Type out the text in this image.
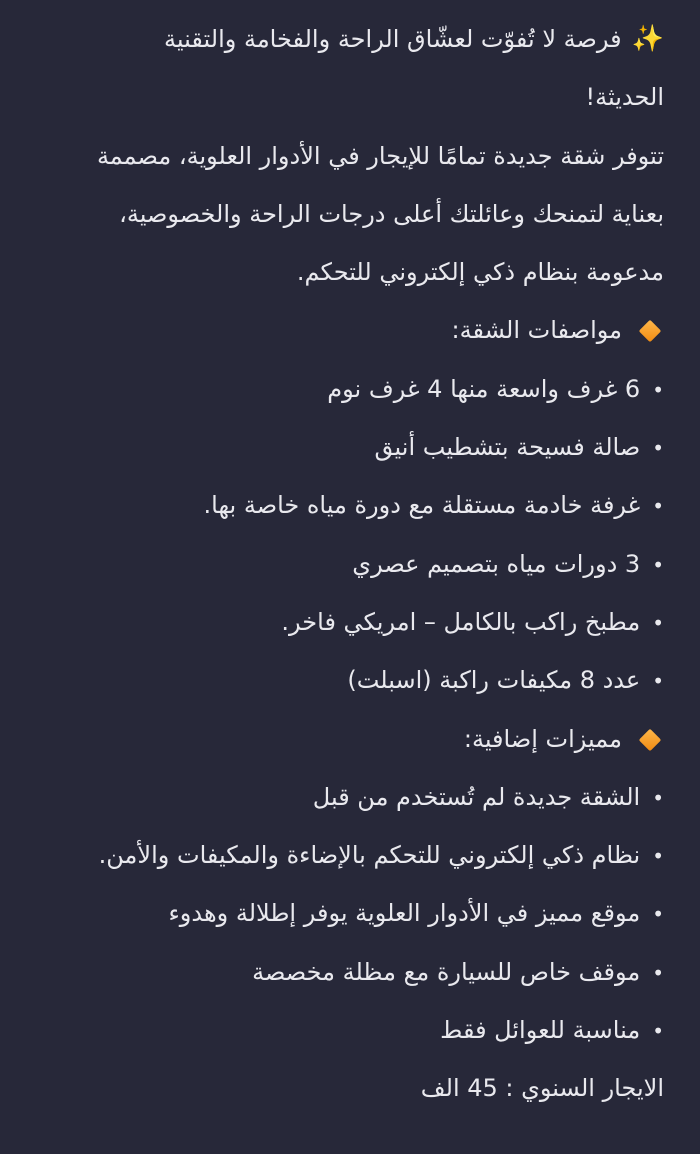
✨فرصة لا تُفوّت لعشّاق الراحة والفخامة والتقنية
الحديثة!
تتوفر شقة جديدة تمامًا للإيجار في الأدوار العلوية، مصممة
بعناية لتمنحك وعائلتك أعلى درجات الراحة والخصوصية،
مدعومة بنظام ذكي إلكتروني للتحكم.
مواصفات الشقة:
•6 غرف واسعة منها 4 غرف نوم
•صالة فسيحة بتشطيب أنيق
•غرفة خادمة مستقلة مع دورة مياه خاصة بها.
•3 دورات مياه بتصميم عصري
•مطبخ راكب بالكامل – امريكي فاخر.
•عدد 8 مكيفات راكبة (اسبلت)
مميزات إضافية:
•الشقة جديدة لم تُستخدم من قبل
•نظام ذكي إلكتروني للتحكم بالإضاءة والمكيفات والأمن.
•موقع مميز في الأدوار العلوية يوفر إطلالة وهدوء
•موقف خاص للسيارة مع مظلة مخصصة
•مناسبة للعوائل فقط
الايجار السنوي : 45 الف
